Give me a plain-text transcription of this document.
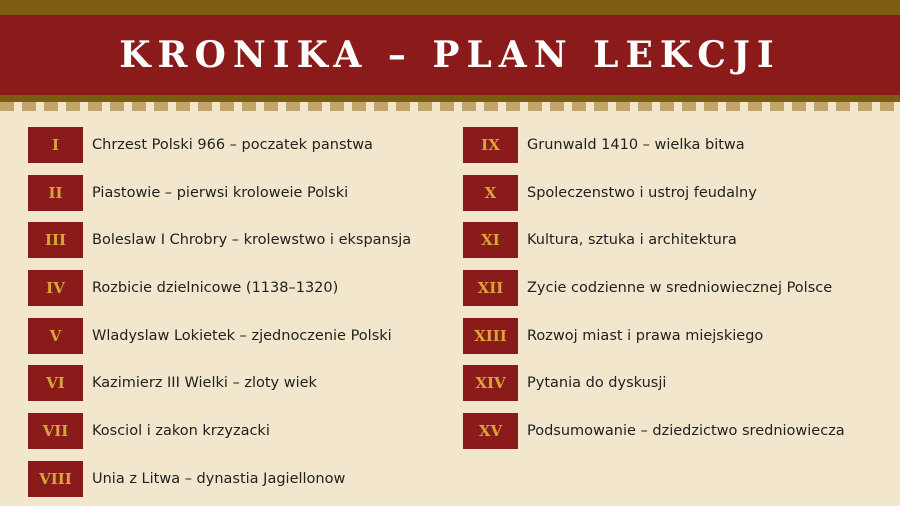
KRONIKA – PLAN LEKCJI
I	Chrzest Polski 966 – poczatek panstwa
II	Piastowie – pierwsi kroloweie Polski
III	Boleslaw I Chrobry – krolewstwo i ekspansja
IV	Rozbicie dzielnicowe (1138–1320)
V	Wladyslaw Lokietek – zjednoczenie Polski
VI	Kazimierz III Wielki – zloty wiek
VII	Kosciol i zakon krzyzacki
VIII	Unia z Litwa – dynastia Jagiellonow
IX	Grunwald 1410 – wielka bitwa
X	Spoleczenstwo i ustroj feudalny
XI	Kultura, sztuka i architektura
XII	Zycie codzienne w sredniowiecznej Polsce
XIII	Rozwoj miast i prawa miejskiego
XIV	Pytania do dyskusji
XV	Podsumowanie – dziedzictwo sredniowiecza
